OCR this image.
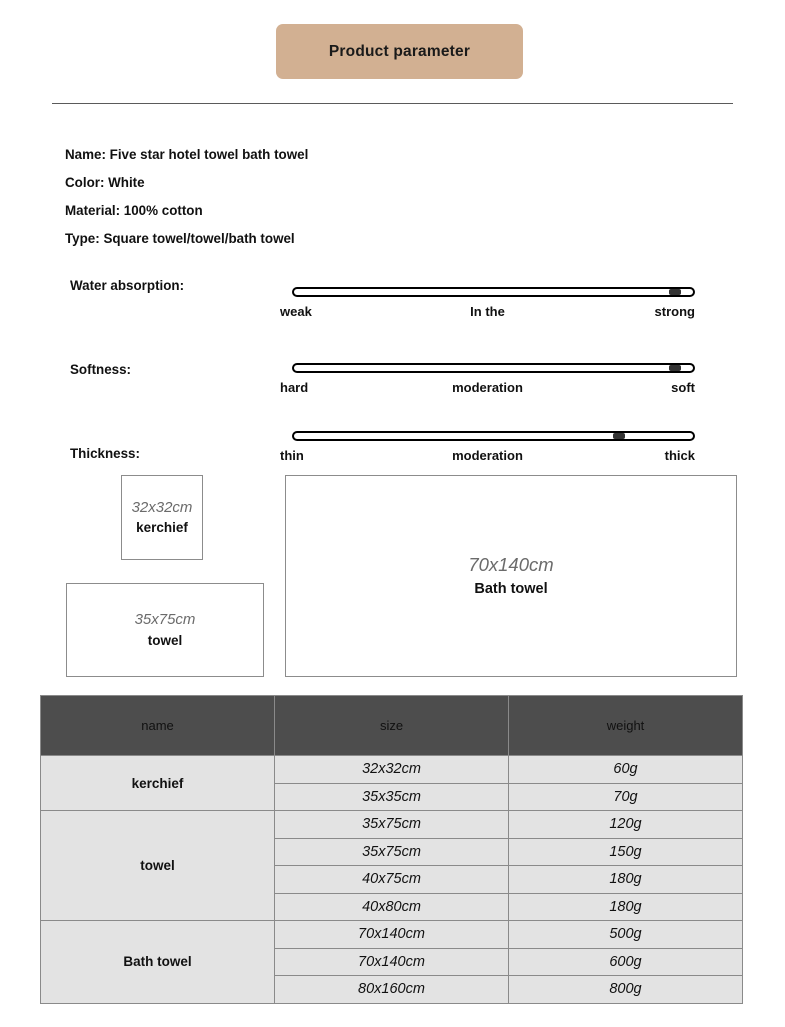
Product parameter
Name: Five star hotel towel bath towel
Color: White
Material: 100% cotton
Type: Square towel/towel/bath towel
Water absorption:
weak	In the	strong
Softness:
hard	moderation	soft
Thickness:	thin	moderation	thick
32x32cm
kerchief
35x75cm
towel
70x140cm
Bath towel
name	size	weight
kerchief	32x32cm	60g
	35x35cm	70g
towel	35x75cm	120g
	35x75cm	150g
	40x75cm	180g
	40x80cm	180g
Bath towel	70x140cm	500g
	70x140cm	600g
	80x160cm	800g
